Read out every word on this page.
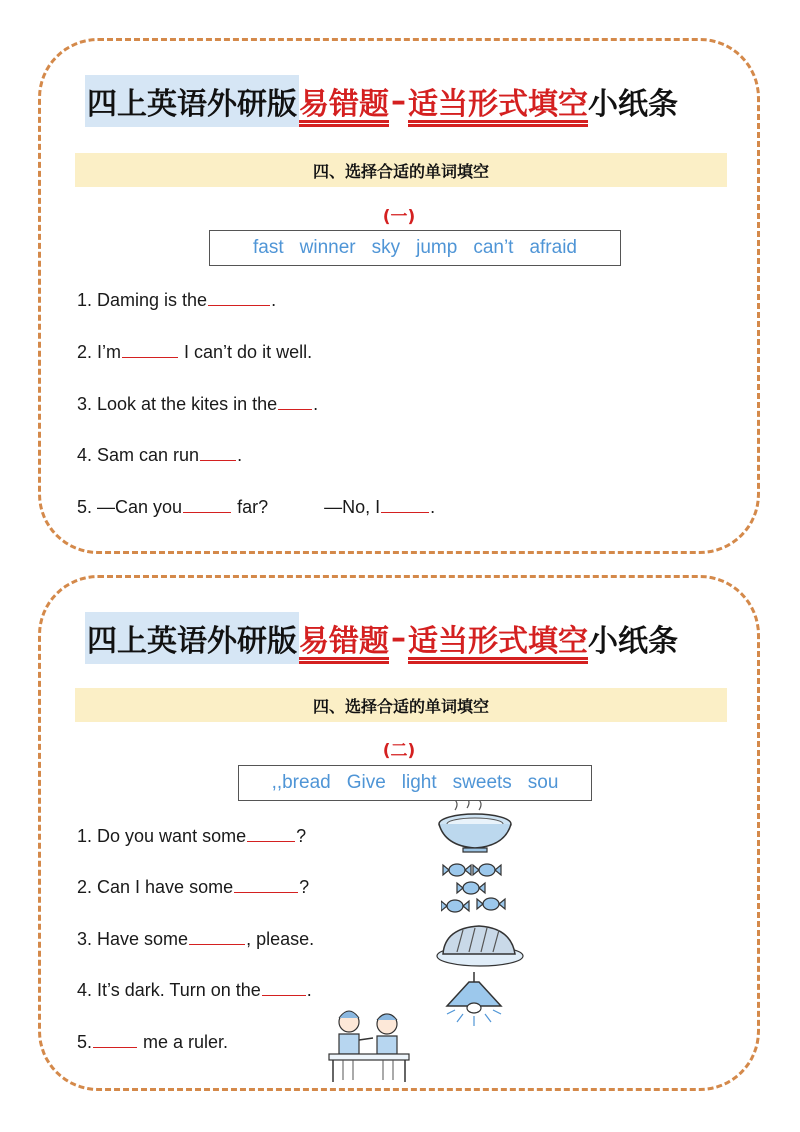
四上英语外研版 易错题 – 适当形式填空 小纸条
四、选择合适的单词填空
(一)
fast winner sky jump can’t afraid
1. Daming is the	.
2. I’m	I can’t do it well.
3. Look at the kites in the .
4. Sam can run .
5. —Can you	far?	—No, I	.
四上英语外研版 易错题 – 适当形式填空 小纸条
四、选择合适的单词填空
(二)
,,bread Give light sweets sou
1. Do you want some	?
2. Can I have some	?
3. Have some	, please.
4. It’s dark. Turn on the	.
5.	me a ruler.
